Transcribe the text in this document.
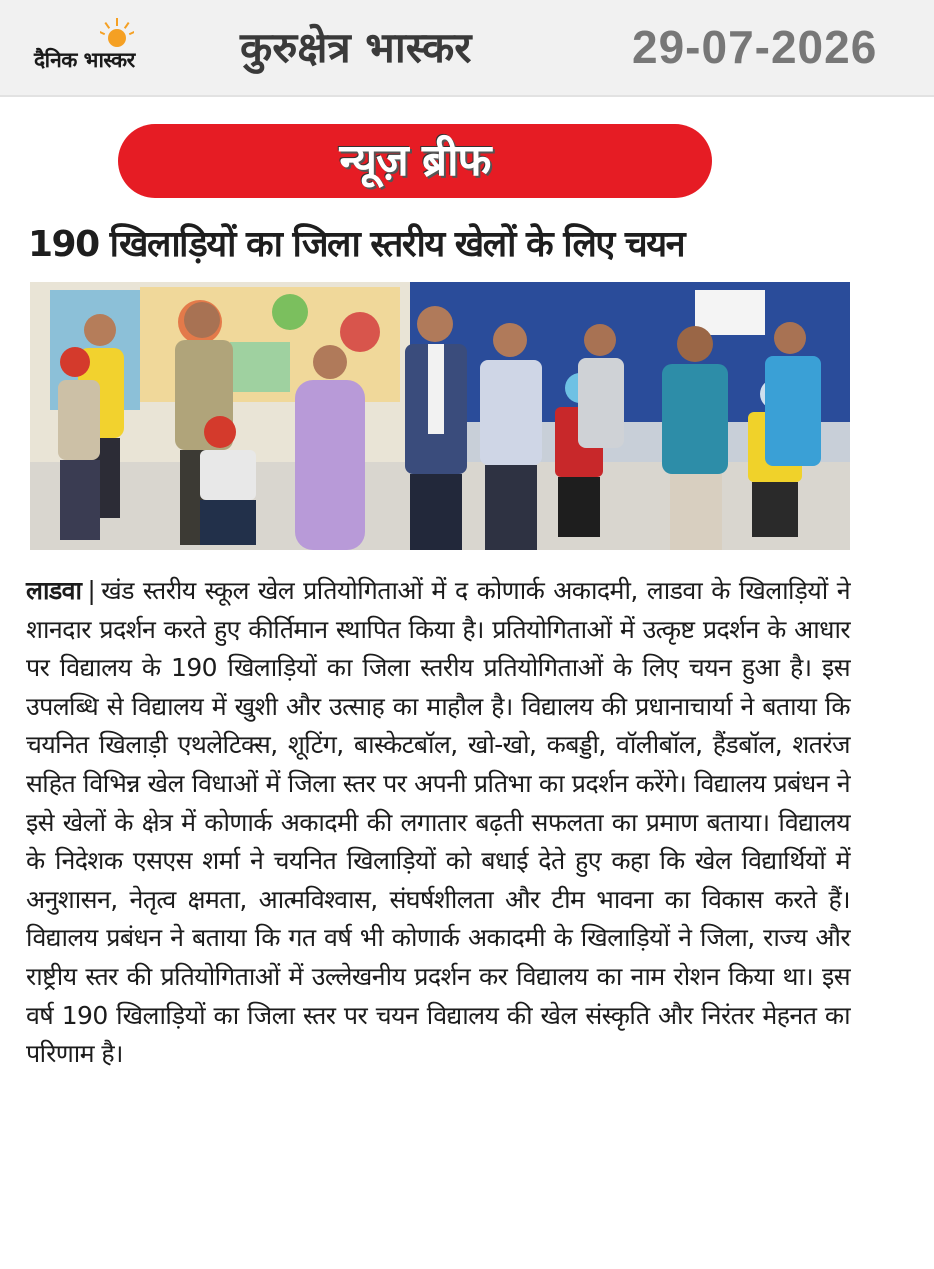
दैनिक भास्कर	कुरुक्षेत्र भास्कर	29-07-2026
न्यूज़ ब्रीफ
190 खिलाड़ियों का जिला स्तरीय खेलों के लिए चयन
लाडवा | खंड स्तरीय स्कूल खेल प्रतियोगिताओं में द कोणार्क अकादमी, लाडवा के खिलाड़ियों ने शानदार प्रदर्शन करते हुए कीर्तिमान स्थापित किया है। प्रतियोगिताओं में उत्कृष्ट प्रदर्शन के आधार पर विद्यालय के 190 खिलाड़ियों का जिला स्तरीय प्रतियोगिताओं के लिए चयन हुआ है। इस उपलब्धि से विद्यालय में खुशी और उत्साह का माहौल है। विद्यालय की प्रधानाचार्या ने बताया कि चयनित खिलाड़ी एथलेटिक्स, शूटिंग, बास्केटबॉल, खो-खो, कबड्डी, वॉलीबॉल, हैंडबॉल, शतरंज सहित विभिन्न खेल विधाओं में जिला स्तर पर अपनी प्रतिभा का प्रदर्शन करेंगे। विद्यालय प्रबंधन ने इसे खेलों के क्षेत्र में कोणार्क अकादमी की लगातार बढ़ती सफलता का प्रमाण बताया। विद्यालय के निदेशक एसएस शर्मा ने चयनित खिलाड़ियों को बधाई देते हुए कहा कि खेल विद्यार्थियों में अनुशासन, नेतृत्व क्षमता, आत्मविश्वास, संघर्षशीलता और टीम भावना का विकास करते हैं। विद्यालय प्रबंधन ने बताया कि गत वर्ष भी कोणार्क अकादमी के खिलाड़ियों ने जिला, राज्य और राष्ट्रीय स्तर की प्रतियोगिताओं में उल्लेखनीय प्रदर्शन कर विद्यालय का नाम रोशन किया था। इस वर्ष 190 खिलाड़ियों का जिला स्तर पर चयन विद्यालय की खेल संस्कृति और निरंतर मेहनत का परिणाम है।
